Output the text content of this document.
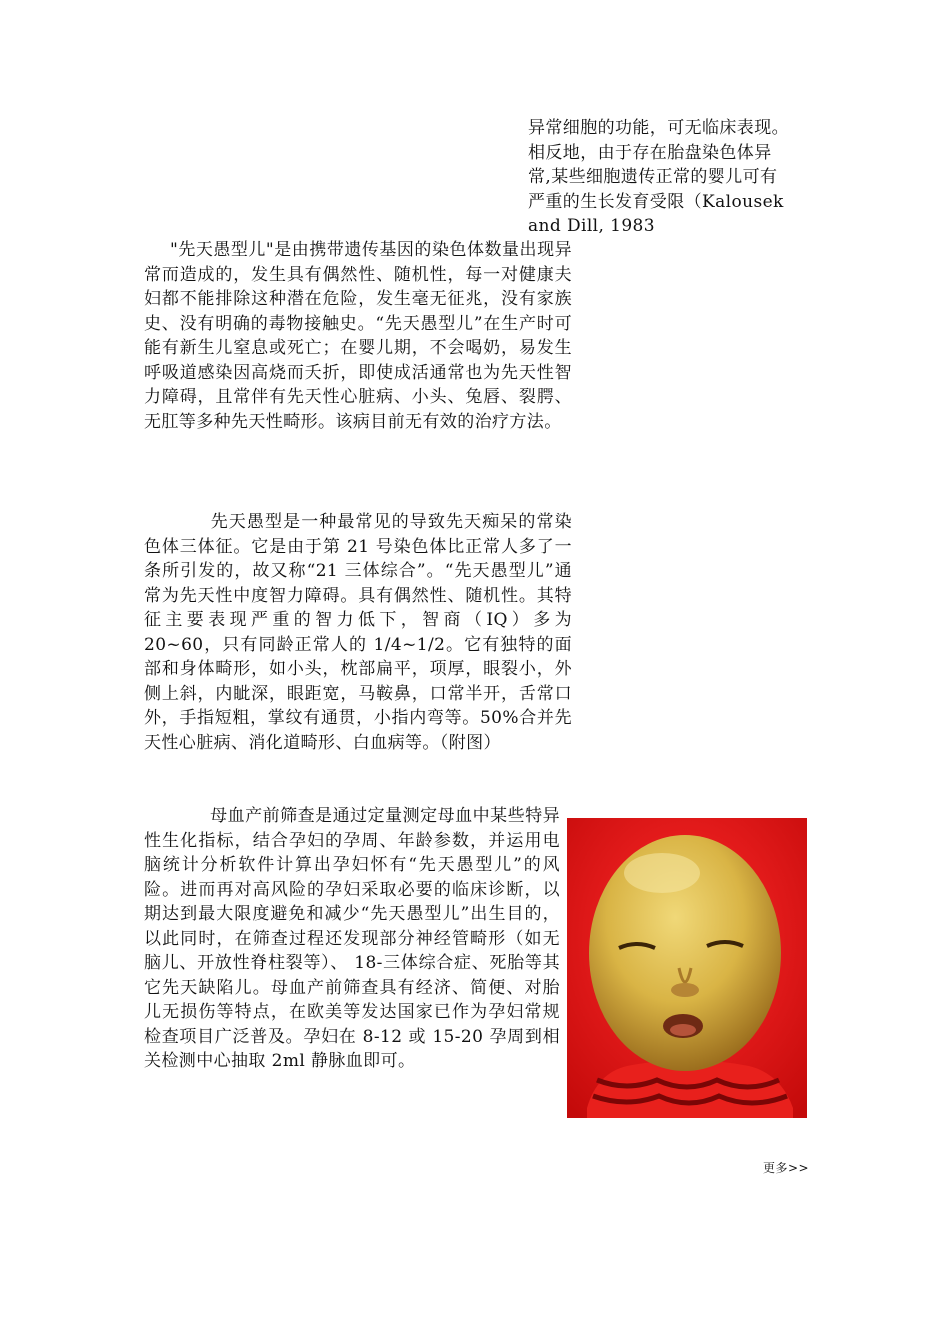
异常细胞的功能，可无临床表现。
相反地，由于存在胎盘染色体异
常,某些细胞遗传正常的婴儿可有
严重的生长发育受限（Kalousek
and Dill, 1983

"先天愚型儿"是由携带遗传基因的染色体数量出现异常而造成的，发生具有偶然性、随机性，每一对健康夫妇都不能排除这种潜在危险，发生毫无征兆，没有家族史、没有明确的毒物接触史。“先天愚型儿”在生产时可能有新生儿窒息或死亡；在婴儿期，不会喝奶，易发生呼吸道感染因高烧而夭折，即使成活通常也为先天性智力障碍，且常伴有先天性心脏病、小头、兔唇、裂腭、无肛等多种先天性畸形。该病目前无有效的治疗方法。

先天愚型是一种最常见的导致先天痴呆的常染色体三体征。它是由于第 21 号染色体比正常人多了一条所引发的，故又称“21 三体综合”。“先天愚型儿”通常为先天性中度智力障碍。具有偶然性、随机性。其特征主要表现严重的智力低下，智商（IQ）多为 20~60，只有同龄正常人的 1/4~1/2。它有独特的面部和身体畸形，如小头，枕部扁平，项厚，眼裂小，外侧上斜，内眦深，眼距宽，马鞍鼻，口常半开，舌常口外，手指短粗，掌纹有通贯，小指内弯等。50%合并先天性心脏病、消化道畸形、白血病等。（附图）

母血产前筛查是通过定量测定母血中某些特异性生化指标，结合孕妇的孕周、年龄参数，并运用电脑统计分析软件计算出孕妇怀有“先天愚型儿”的风险。进而再对高风险的孕妇采取必要的临床诊断，以期达到最大限度避免和减少“先天愚型儿”出生目的，以此同时，在筛查过程还发现部分神经管畸形（如无脑儿、开放性脊柱裂等）、 18-三体综合症、死胎等其它先天缺陷儿。母血产前筛查具有经济、简便、对胎儿无损伤等特点，在欧美等发达国家已作为孕妇常规检查项目广泛普及。孕妇在 8-12 或 15-20 孕周到相关检测中心抽取 2ml 静脉血即可。

更多>>
